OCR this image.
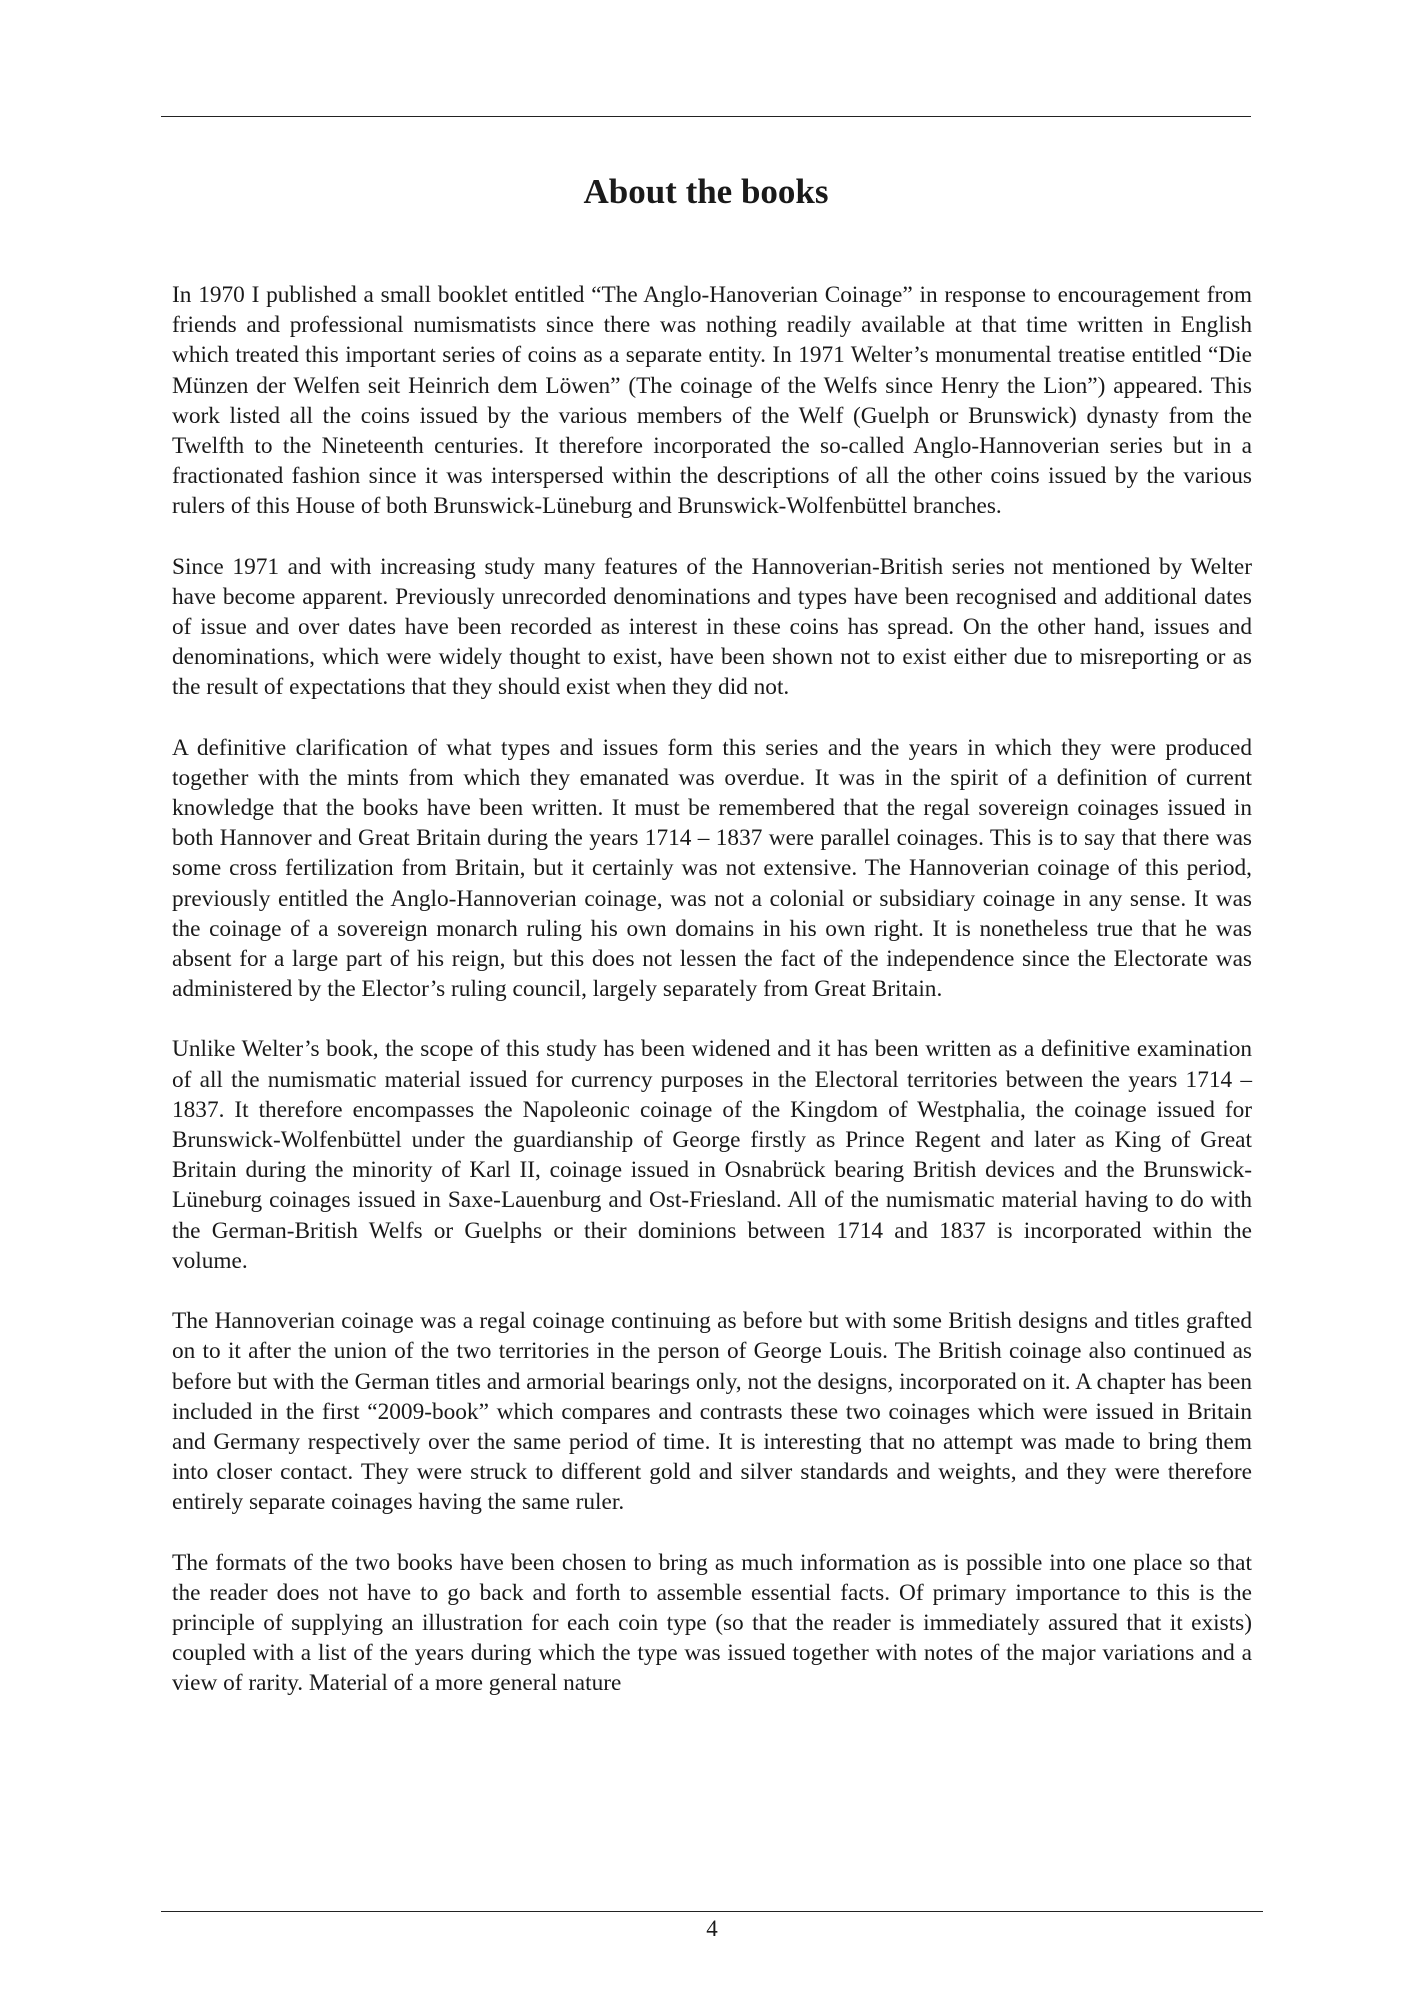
About the books

In 1970 I published a small booklet entitled “The Anglo-Hanoverian Coinage” in response to encouragement from friends and professional numismatists since there was nothing readily available at that time written in English which treated this important series of coins as a separate entity. In 1971 Welter’s monumental treatise entitled “Die Münzen der Welfen seit Heinrich dem Löwen” (The coinage of the Welfs since Henry the Lion”) appeared. This work listed all the coins issued by the various members of the Welf (Guelph or Brunswick) dynasty from the Twelfth to the Nineteenth centuries. It therefore incorporated the so-called Anglo-Hannoverian series but in a fractionated fashion since it was interspersed within the descriptions of all the other coins issued by the various rulers of this House of both Brunswick-Lüneburg and Brunswick-Wolfenbüttel branches.

Since 1971 and with increasing study many features of the Hannoverian-British series not mentioned by Welter have become apparent. Previously unrecorded denominations and types have been recognised and additional dates of issue and over dates have been recorded as interest in these coins has spread. On the other hand, issues and denominations, which were widely thought to exist, have been shown not to exist either due to misreporting or as the result of expectations that they should exist when they did not.

A definitive clarification of what types and issues form this series and the years in which they were produced together with the mints from which they emanated was overdue. It was in the spirit of a definition of current knowledge that the books have been written. It must be remembered that the regal sovereign coinages issued in both Hannover and Great Britain during the years 1714 – 1837 were parallel coinages. This is to say that there was some cross fertilization from Britain, but it certainly was not extensive. The Hannoverian coinage of this period, previously entitled the Anglo-Hannoverian coinage, was not a colonial or subsidiary coinage in any sense. It was the coinage of a sovereign monarch ruling his own domains in his own right. It is nonetheless true that he was absent for a large part of his reign, but this does not lessen the fact of the independence since the Electorate was administered by the Elector’s ruling council, largely separately from Great Britain.

Unlike Welter’s book, the scope of this study has been widened and it has been written as a definitive examination of all the numismatic material issued for currency purposes in the Electoral territories between the years 1714 – 1837. It therefore encompasses the Napoleonic coinage of the Kingdom of Westphalia, the coinage issued for Brunswick-Wolfenbüttel under the guardianship of George firstly as Prince Regent and later as King of Great Britain during the minority of Karl II, coinage issued in Osnabrück bearing British devices and the Brunswick-Lüneburg coinages issued in Saxe-Lauenburg and Ost-Friesland. All of the numismatic material having to do with the German-British Welfs or Guelphs or their dominions between 1714 and 1837 is incorporated within the volume.

The Hannoverian coinage was a regal coinage continuing as before but with some British designs and titles grafted on to it after the union of the two territories in the person of George Louis. The British coinage also continued as before but with the German titles and armorial bearings only, not the designs, incorporated on it. A chapter has been included in the first “2009-book” which compares and contrasts these two coinages which were issued in Britain and Germany respectively over the same period of time. It is interesting that no attempt was made to bring them into closer contact. They were struck to different gold and silver standards and weights, and they were therefore entirely separate coinages having the same ruler.

The formats of the two books have been chosen to bring as much information as is possible into one place so that the reader does not have to go back and forth to assemble essential facts. Of primary importance to this is the principle of supplying an illustration for each coin type (so that the reader is immediately assured that it exists) coupled with a list of the years during which the type was issued together with notes of the major variations and a view of rarity. Material of a more general nature

4
